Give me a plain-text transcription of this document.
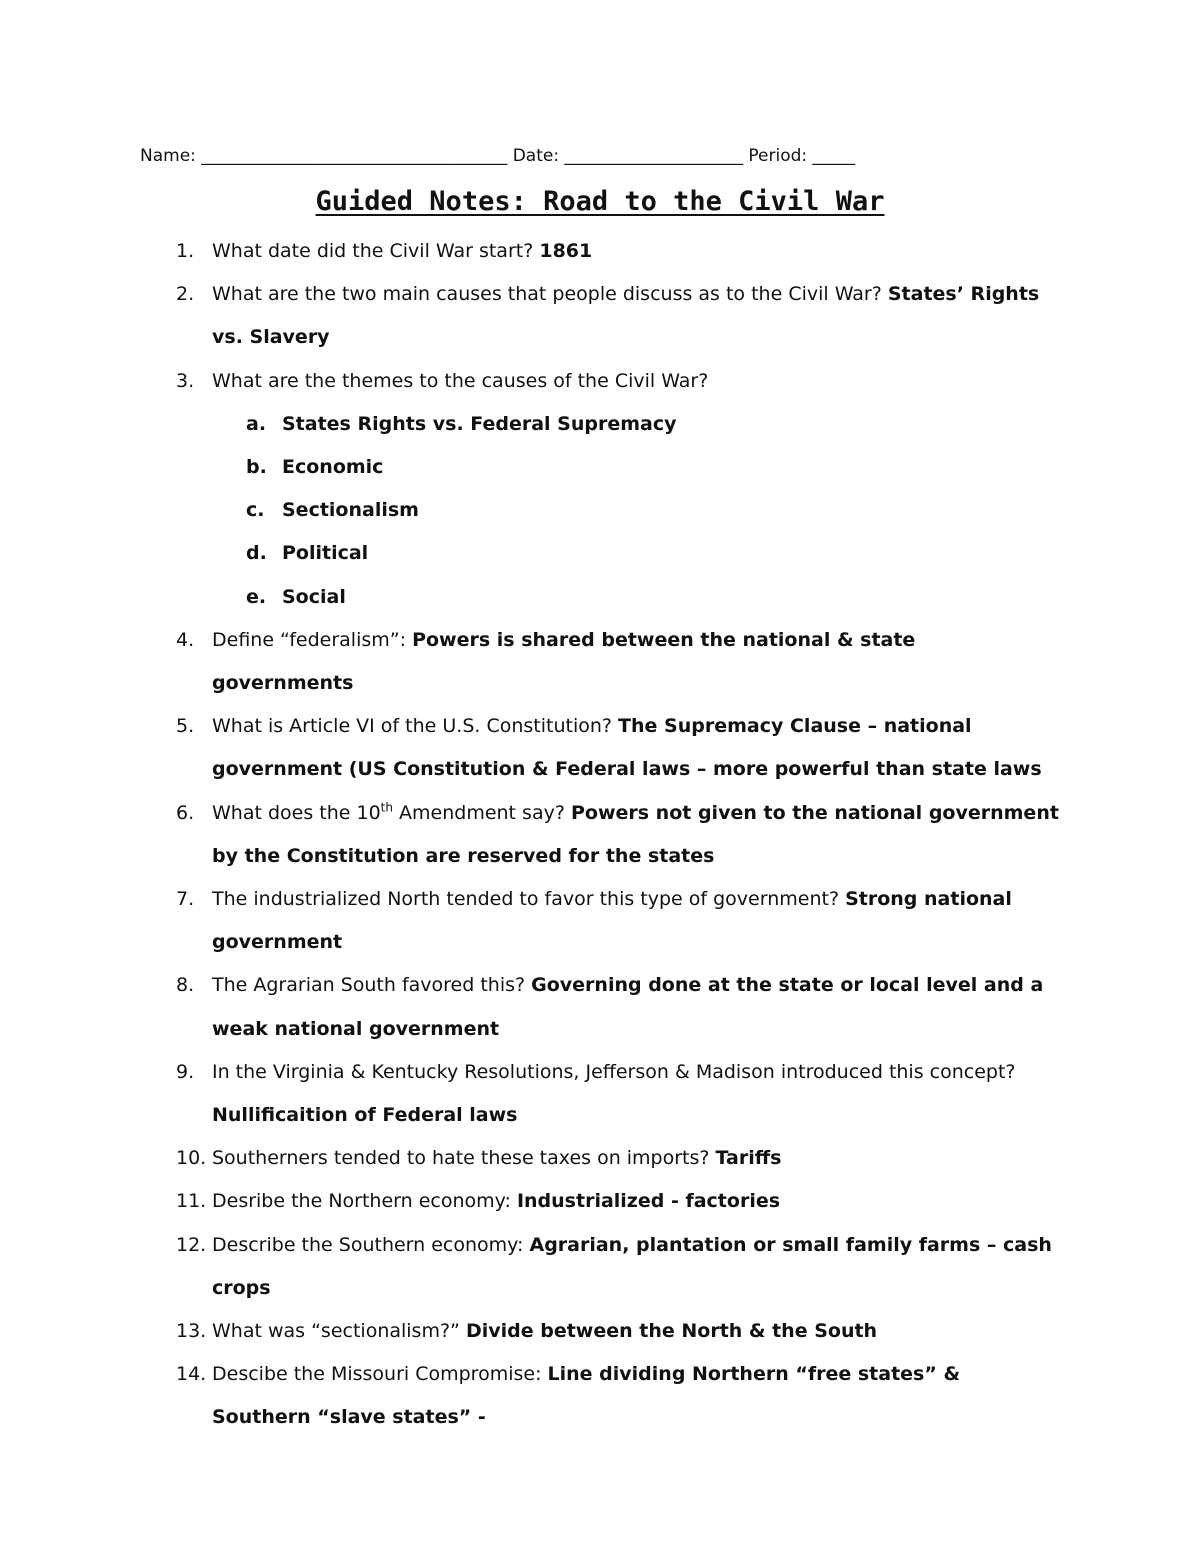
Name: ____________________________________ Date: _____________________ Period: _____
Guided Notes: Road to the Civil War
1. What date did the Civil War start? 1861
2. What are the two main causes that people discuss as to the Civil War? States’ Rights vs. Slavery
3. What are the themes to the causes of the Civil War?
a. States Rights vs. Federal Supremacy
b. Economic
c. Sectionalism
d. Political
e. Social
4. Define “federalism”: Powers is shared between the national & state governments
5. What is Article VI of the U.S. Constitution? The Supremacy Clause – national government (US Constitution & Federal laws – more powerful than state laws
6. What does the 10th Amendment say? Powers not given to the national government by the Constitution are reserved for the states
7. The industrialized North tended to favor this type of government? Strong national government
8. The Agrarian South favored this? Governing done at the state or local level and a weak national government
9. In the Virginia & Kentucky Resolutions, Jefferson & Madison introduced this concept? Nullificaition of Federal laws
10. Southerners tended to hate these taxes on imports? Tariffs
11. Desribe the Northern economy: Industrialized - factories
12. Describe the Southern economy: Agrarian, plantation or small family farms – cash crops
13. What was “sectionalism?” Divide between the North & the South
14. Descibe the Missouri Compromise: Line dividing Northern “free states” & Southern “slave states” -
